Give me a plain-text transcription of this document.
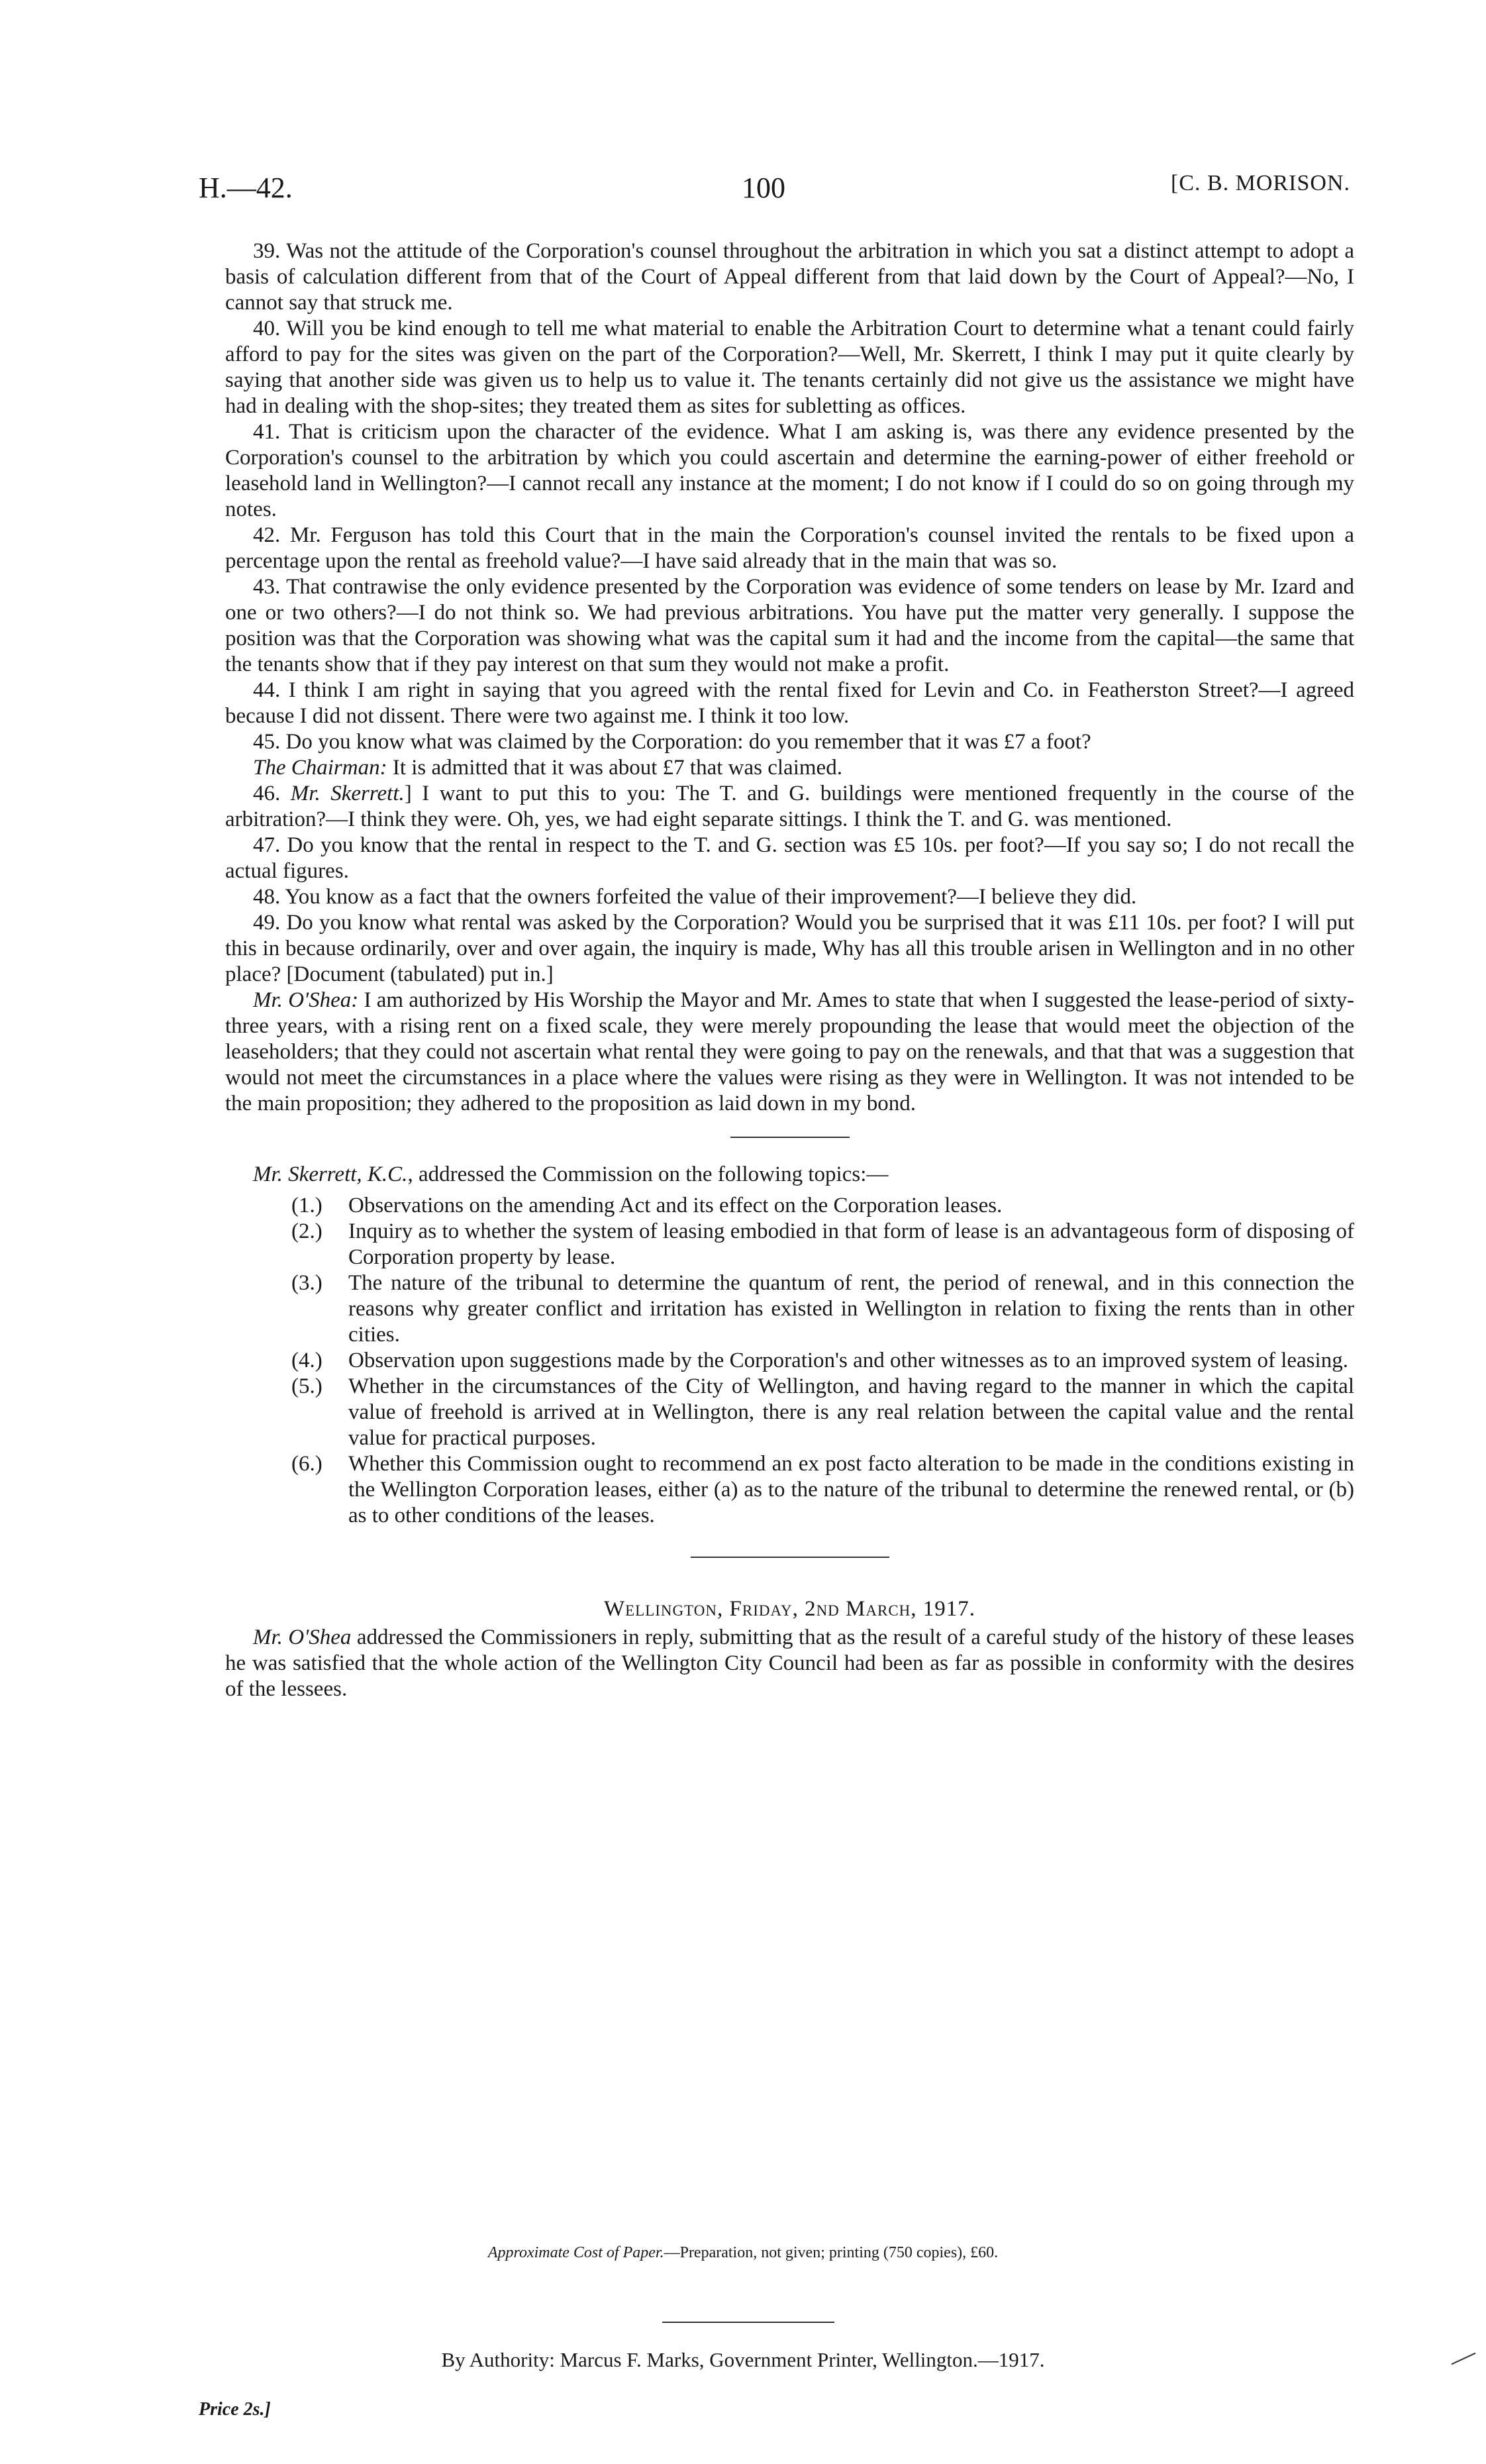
H.—42.	100	[C. B. MORISON.

39. Was not the attitude of the Corporation's counsel throughout the arbitration in which you sat a distinct attempt to adopt a basis of calculation different from that of the Court of Appeal different from that laid down by the Court of Appeal?—No, I cannot say that struck me.

40. Will you be kind enough to tell me what material to enable the Arbitration Court to determine what a tenant could fairly afford to pay for the sites was given on the part of the Corporation?—Well, Mr. Skerrett, I think I may put it quite clearly by saying that another side was given us to help us to value it. The tenants certainly did not give us the assistance we might have had in dealing with the shop-sites; they treated them as sites for subletting as offices.

41. That is criticism upon the character of the evidence. What I am asking is, was there any evidence presented by the Corporation's counsel to the arbitration by which you could ascertain and determine the earning-power of either freehold or leasehold land in Wellington?—I cannot recall any instance at the moment; I do not know if I could do so on going through my notes.

42. Mr. Ferguson has told this Court that in the main the Corporation's counsel invited the rentals to be fixed upon a percentage upon the rental as freehold value?—I have said already that in the main that was so.

43. That contrawise the only evidence presented by the Corporation was evidence of some tenders on lease by Mr. Izard and one or two others?—I do not think so. We had previous arbitrations. You have put the matter very generally. I suppose the position was that the Corporation was showing what was the capital sum it had and the income from the capital—the same that the tenants show that if they pay interest on that sum they would not make a profit.

44. I think I am right in saying that you agreed with the rental fixed for Levin and Co. in Featherston Street?—I agreed because I did not dissent. There were two against me. I think it too low.

45. Do you know what was claimed by the Corporation: do you remember that it was £7 a foot?

The Chairman: It is admitted that it was about £7 that was claimed.

46. Mr. Skerrett.] I want to put this to you: The T. and G. buildings were mentioned frequently in the course of the arbitration?—I think they were. Oh, yes, we had eight separate sittings. I think the T. and G. was mentioned.

47. Do you know that the rental in respect to the T. and G. section was £5 10s. per foot?—If you say so; I do not recall the actual figures.

48. You know as a fact that the owners forfeited the value of their improvement?—I believe they did.

49. Do you know what rental was asked by the Corporation? Would you be surprised that it was £11 10s. per foot? I will put this in because ordinarily, over and over again, the inquiry is made, Why has all this trouble arisen in Wellington and in no other place? [Document (tabulated) put in.]

Mr. O'Shea: I am authorized by His Worship the Mayor and Mr. Ames to state that when I suggested the lease-period of sixty-three years, with a rising rent on a fixed scale, they were merely propounding the lease that would meet the objection of the leaseholders; that they could not ascertain what rental they were going to pay on the renewals, and that that was a suggestion that would not meet the circumstances in a place where the values were rising as they were in Wellington. It was not intended to be the main proposition; they adhered to the proposition as laid down in my bond.

Mr. Skerrett, K.C., addressed the Commission on the following topics:—

(1.)	Observations on the amending Act and its effect on the Corporation leases.
(2.)	Inquiry as to whether the system of leasing embodied in that form of lease is an advantageous form of disposing of Corporation property by lease.
(3.)	The nature of the tribunal to determine the quantum of rent, the period of renewal, and in this connection the reasons why greater conflict and irritation has existed in Wellington in relation to fixing the rents than in other cities.
(4.)	Observation upon suggestions made by the Corporation's and other witnesses as to an improved system of leasing.
(5.)	Whether in the circumstances of the City of Wellington, and having regard to the manner in which the capital value of freehold is arrived at in Wellington, there is any real relation between the capital value and the rental value for practical purposes.
(6.)	Whether this Commission ought to recommend an ex post facto alteration to be made in the conditions existing in the Wellington Corporation leases, either (a) as to the nature of the tribunal to determine the renewed rental, or (b) as to other conditions of the leases.
Wellington, Friday, 2nd March, 1917.

Mr. O'Shea addressed the Commissioners in reply, submitting that as the result of a careful study of the history of these leases he was satisfied that the whole action of the Wellington City Council had been as far as possible in conformity with the desires of the lessees.

Approximate Cost of Paper.—Preparation, not given; printing (750 copies), £60.
By Authority: Marcus F. Marks, Government Printer, Wellington.—1917.
Price 2s.]
